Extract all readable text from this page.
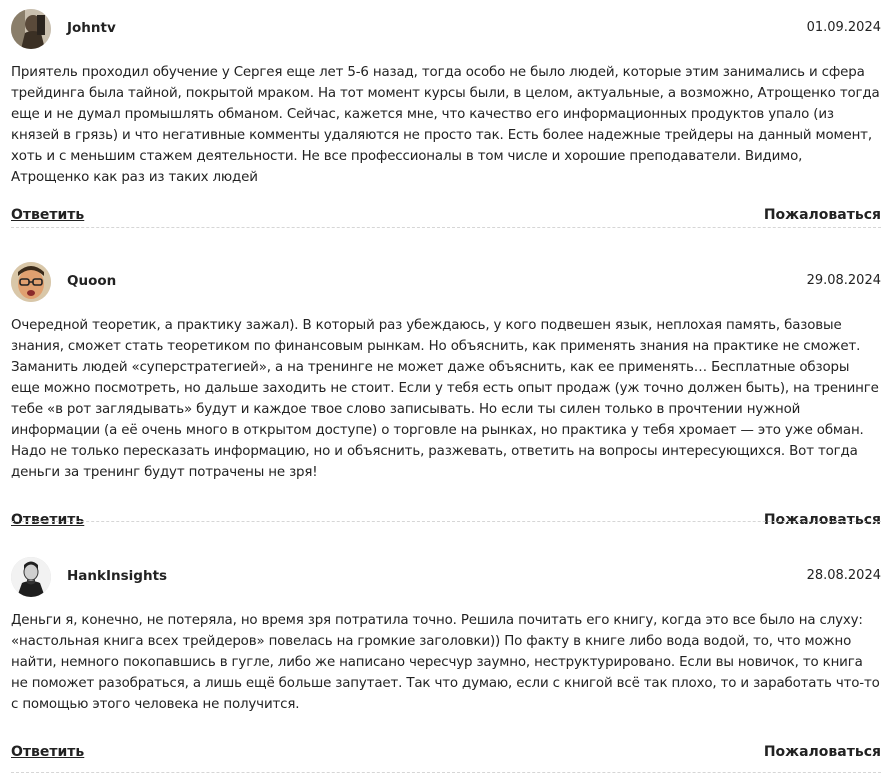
Johntv	01.09.2024
Приятель проходил обучение у Сергея еще лет 5-6 назад, тогда особо не было людей, которые этим занимались и сфера трейдинга была тайной, покрытой мраком. На тот момент курсы были, в целом, актуальные, а возможно, Атрощенко тогда еще и не думал промышлять обманом. Сейчас, кажется мне, что качество его информационных продуктов упало (из князей в грязь) и что негативные комменты удаляются не просто так. Есть более надежные трейдеры на данный момент, хоть и с меньшим стажем деятельности. Не все профессионалы в том числе и хорошие преподаватели. Видимо, Атрощенко как раз из таких людей
Ответить	Пожаловаться
Quoon	29.08.2024
Очередной теоретик, а практику зажал). В который раз убеждаюсь, у кого подвешен язык, неплохая память, базовые знания, сможет стать теоретиком по финансовым рынкам. Но объяснить, как применять знания на практике не сможет. Заманить людей «суперстратегией», а на тренинге не может даже объяснить, как ее применять… Бесплатные обзоры еще можно посмотреть, но дальше заходить не стоит. Если у тебя есть опыт продаж (уж точно должен быть), на тренинге тебе «в рот заглядывать» будут и каждое твое слово записывать. Но если ты силен только в прочтении нужной информации (а её очень много в открытом доступе) о торговле на рынках, но практика у тебя хромает — это уже обман. Надо не только пересказать информацию, но и объяснить, разжевать, ответить на вопросы интересующихся. Вот тогда деньги за тренинг будут потрачены не зря!
Ответить	Пожаловаться
HankInsights	28.08.2024
Деньги я, конечно, не потеряла, но время зря потратила точно. Решила почитать его книгу, когда это все было на слуху: «настольная книга всех трейдеров» повелась на громкие заголовки)) По факту в книге либо вода водой, то, что можно найти, немного покопавшись в гугле, либо же написано чересчур заумно, неструктурировано. Если вы новичок, то книга не поможет разобраться, а лишь ещё больше запутает. Так что думаю, если с книгой всё так плохо, то и заработать что-то с помощью этого человека не получится.
Ответить	Пожаловаться
